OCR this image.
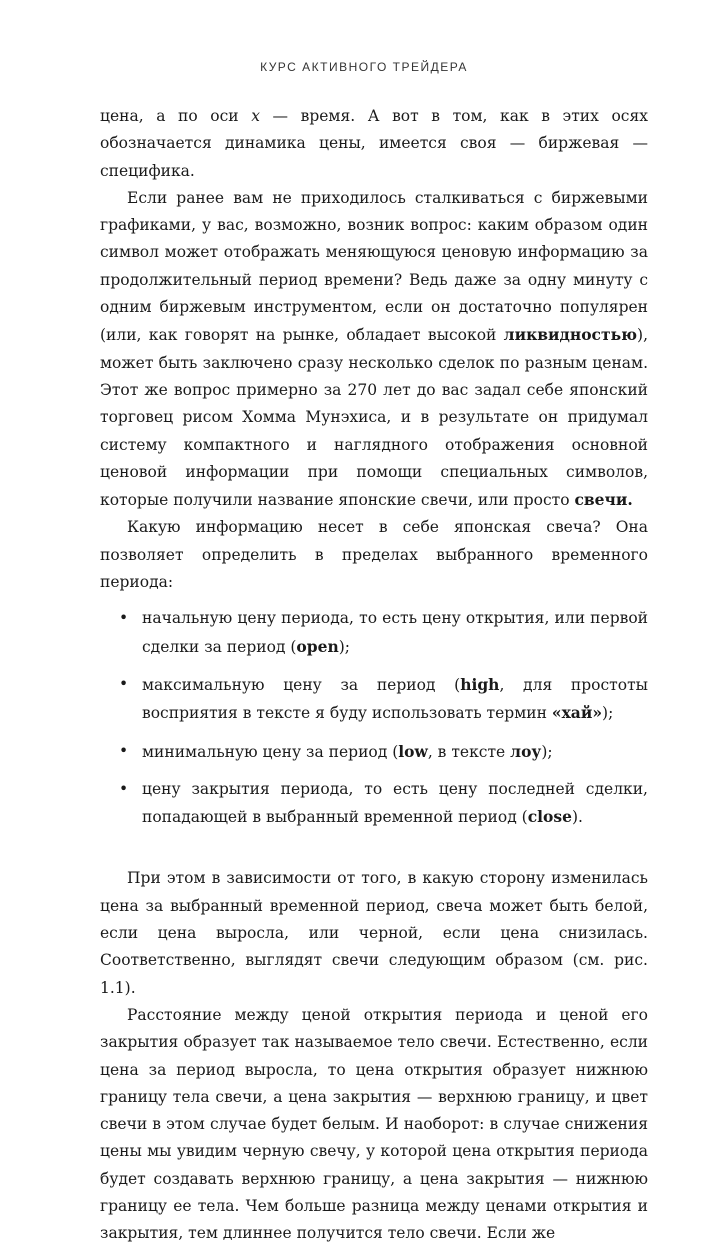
КУРС АКТИВНОГО ТРЕЙДЕРА

цена, а по оси x — время. А вот в том, как в этих осях обозначается динамика цены, имеется своя — биржевая — специфика.

Если ранее вам не приходилось сталкиваться с биржевыми графиками, у вас, возможно, возник вопрос: каким образом один символ может отображать меняющуюся ценовую информацию за продолжительный период времени? Ведь даже за одну минуту с одним биржевым инструментом, если он достаточно популярен (или, как говорят на рынке, обладает высокой ликвидностью), может быть заключено сразу несколько сделок по разным ценам. Этот же вопрос примерно за 270 лет до вас задал себе японский торговец рисом Хомма Мунэхиса, и в результате он придумал систему компактного и наглядного отображения основной ценовой информации при помощи специальных символов, которые получили название японские свечи, или просто свечи.

Какую информацию несет в себе японская свеча? Она позволяет определить в пределах выбранного временного периода:

• начальную цену периода, то есть цену открытия, или первой сделки за период (open);
• максимальную цену за период (high, для простоты восприятия в тексте я буду использовать термин «хай»);
• минимальную цену за период (low, в тексте лоу);
• цену закрытия периода, то есть цену последней сделки, попадающей в выбранный временной период (close).

При этом в зависимости от того, в какую сторону изменилась цена за выбранный временной период, свеча может быть белой, если цена выросла, или черной, если цена снизилась. Соответственно, выглядят свечи следующим образом (см. рис. 1.1).

Расстояние между ценой открытия периода и ценой его закрытия образует так называемое тело свечи. Естественно, если цена за период выросла, то цена открытия образует нижнюю границу тела свечи, а цена закрытия — верхнюю границу, и цвет свечи в этом случае будет белым. И наоборот: в случае снижения цены мы увидим черную свечу, у которой цена открытия периода будет создавать верхнюю границу, а цена закрытия — нижнюю границу ее тела. Чем больше разница между ценами открытия и закрытия, тем длиннее получится тело свечи. Если же
